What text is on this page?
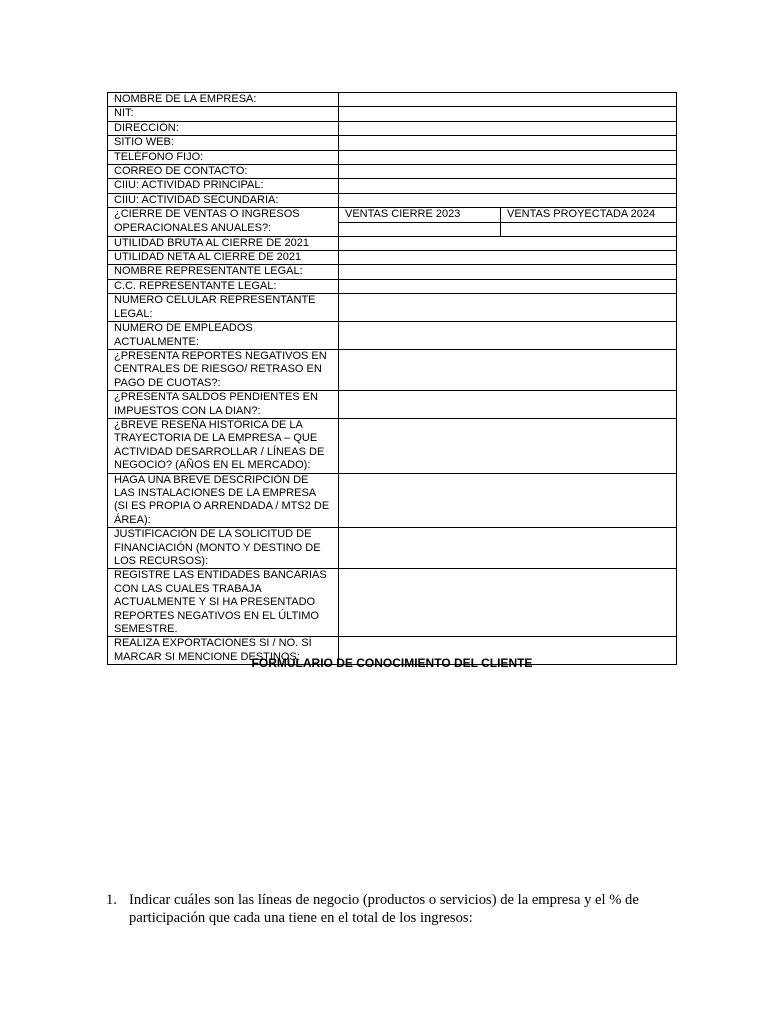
NOMBRE DE LA EMPRESA:	
NIT:	
DIRECCIÓN:	
SITIO WEB:	
TELÉFONO FIJO:	
CORREO DE CONTACTO:	
CIIU: ACTIVIDAD PRINCIPAL:	
CIIU: ACTIVIDAD SECUNDARIA:	
¿CIERRE DE VENTAS O INGRESOS OPERACIONALES ANUALES?:	
VENTAS CIERRE 2023	VENTAS PROYECTADA 2024

UTILIDAD BRUTA AL CIERRE DE 2021	
UTILIDAD NETA AL CIERRE DE 2021	
NOMBRE REPRESENTANTE LEGAL:	
C.C. REPRESENTANTE LEGAL:	
NUMERO CELULAR REPRESENTANTE LEGAL:	
NUMERO DE EMPLEADOS ACTUALMENTE:	
¿PRESENTA REPORTES NEGATIVOS EN CENTRALES DE RIESGO/ RETRASO EN PAGO DE CUOTAS?:	
¿PRESENTA SALDOS PENDIENTES EN IMPUESTOS CON LA DIAN?:	
¿BREVE RESEÑA HISTÓRICA DE LA TRAYECTORIA DE LA EMPRESA – QUE ACTIVIDAD DESARROLLAR / LÍNEAS DE NEGOCIO? (AÑOS EN EL MERCADO):	
HAGA UNA BREVE DESCRIPCIÓN DE LAS INSTALACIONES DE LA EMPRESA (SI ES PROPIA O ARRENDADA / MTS2 DE ÁREA):	
JUSTIFICACIÓN DE LA SOLICITUD DE FINANCIACIÓN (MONTO Y DESTINO DE LOS RECURSOS):	
REGISTRE LAS ENTIDADES BANCARIAS CON LAS CUALES TRABAJA ACTUALMENTE Y SI HA PRESENTADO REPORTES NEGATIVOS EN EL ÚLTIMO SEMESTRE.	
REALIZA EXPORTACIONES SI / NO. SÍ MARCAR SI MENCIONE DESTINOS:	
FORMULARIO DE CONOCIMIENTO DEL CLIENTE
1. Indicar cuáles son las líneas de negocio (productos o servicios) de la empresa y el % de participación que cada una tiene en el total de los ingresos:
